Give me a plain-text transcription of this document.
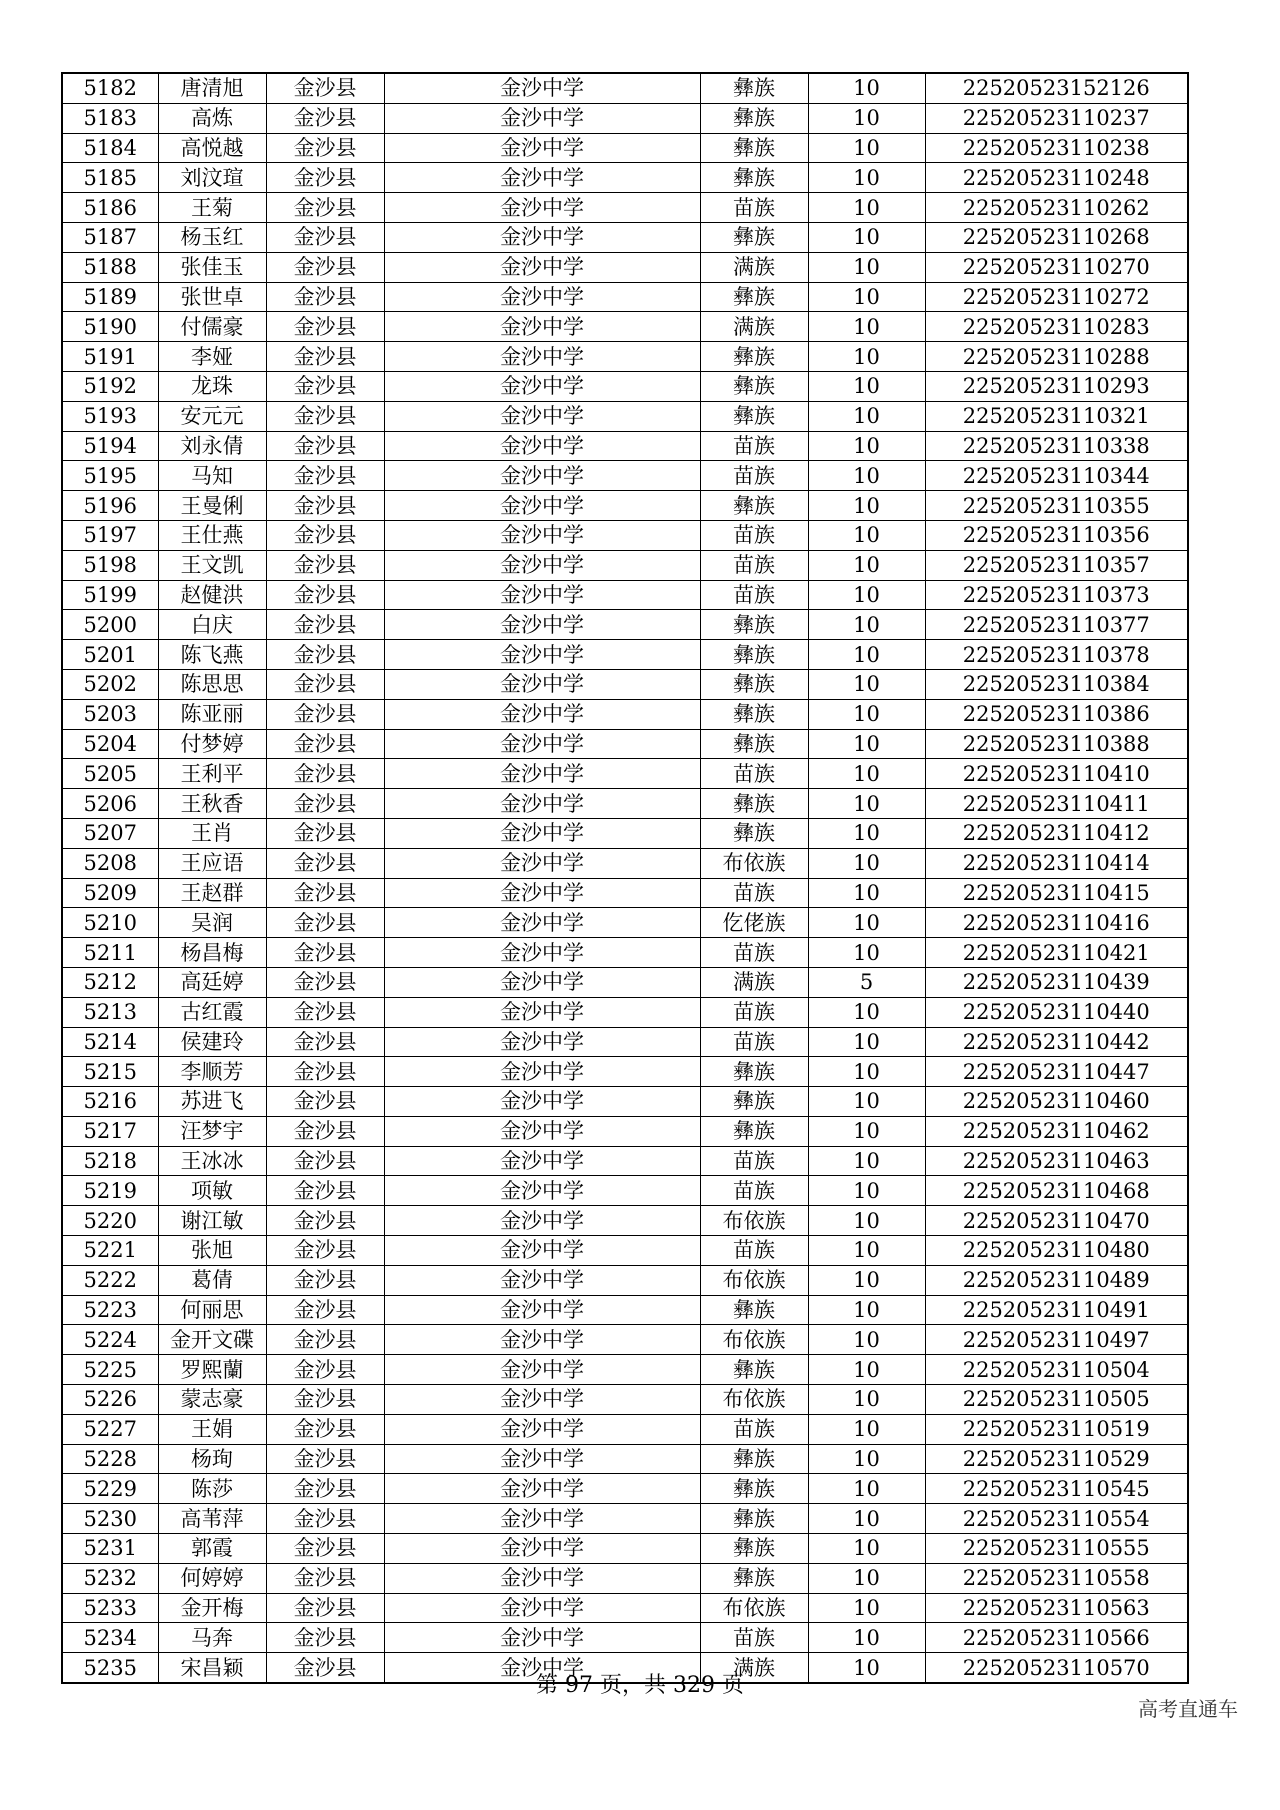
5182	唐清旭	金沙县	金沙中学	彝族	10	22520523152126
5183	高炼	金沙县	金沙中学	彝族	10	22520523110237
5184	高悦越	金沙县	金沙中学	彝族	10	22520523110238
5185	刘汶瑄	金沙县	金沙中学	彝族	10	22520523110248
5186	王菊	金沙县	金沙中学	苗族	10	22520523110262
5187	杨玉红	金沙县	金沙中学	彝族	10	22520523110268
5188	张佳玉	金沙县	金沙中学	满族	10	22520523110270
5189	张世卓	金沙县	金沙中学	彝族	10	22520523110272
5190	付儒豪	金沙县	金沙中学	满族	10	22520523110283
5191	李娅	金沙县	金沙中学	彝族	10	22520523110288
5192	龙珠	金沙县	金沙中学	彝族	10	22520523110293
5193	安元元	金沙县	金沙中学	彝族	10	22520523110321
5194	刘永倩	金沙县	金沙中学	苗族	10	22520523110338
5195	马知	金沙县	金沙中学	苗族	10	22520523110344
5196	王曼俐	金沙县	金沙中学	彝族	10	22520523110355
5197	王仕燕	金沙县	金沙中学	苗族	10	22520523110356
5198	王文凯	金沙县	金沙中学	苗族	10	22520523110357
5199	赵健洪	金沙县	金沙中学	苗族	10	22520523110373
5200	白庆	金沙县	金沙中学	彝族	10	22520523110377
5201	陈飞燕	金沙县	金沙中学	彝族	10	22520523110378
5202	陈思思	金沙县	金沙中学	彝族	10	22520523110384
5203	陈亚丽	金沙县	金沙中学	彝族	10	22520523110386
5204	付梦婷	金沙县	金沙中学	彝族	10	22520523110388
5205	王利平	金沙县	金沙中学	苗族	10	22520523110410
5206	王秋香	金沙县	金沙中学	彝族	10	22520523110411
5207	王肖	金沙县	金沙中学	彝族	10	22520523110412
5208	王应语	金沙县	金沙中学	布依族	10	22520523110414
5209	王赵群	金沙县	金沙中学	苗族	10	22520523110415
5210	吴润	金沙县	金沙中学	仡佬族	10	22520523110416
5211	杨昌梅	金沙县	金沙中学	苗族	10	22520523110421
5212	高廷婷	金沙县	金沙中学	满族	5	22520523110439
5213	古红霞	金沙县	金沙中学	苗族	10	22520523110440
5214	侯建玲	金沙县	金沙中学	苗族	10	22520523110442
5215	李顺芳	金沙县	金沙中学	彝族	10	22520523110447
5216	苏进飞	金沙县	金沙中学	彝族	10	22520523110460
5217	汪梦宇	金沙县	金沙中学	彝族	10	22520523110462
5218	王冰冰	金沙县	金沙中学	苗族	10	22520523110463
5219	项敏	金沙县	金沙中学	苗族	10	22520523110468
5220	谢江敏	金沙县	金沙中学	布依族	10	22520523110470
5221	张旭	金沙县	金沙中学	苗族	10	22520523110480
5222	葛倩	金沙县	金沙中学	布依族	10	22520523110489
5223	何丽思	金沙县	金沙中学	彝族	10	22520523110491
5224	金开文碟	金沙县	金沙中学	布依族	10	22520523110497
5225	罗熙蘭	金沙县	金沙中学	彝族	10	22520523110504
5226	蒙志豪	金沙县	金沙中学	布依族	10	22520523110505
5227	王娟	金沙县	金沙中学	苗族	10	22520523110519
5228	杨珣	金沙县	金沙中学	彝族	10	22520523110529
5229	陈莎	金沙县	金沙中学	彝族	10	22520523110545
5230	高苇萍	金沙县	金沙中学	彝族	10	22520523110554
5231	郭霞	金沙县	金沙中学	彝族	10	22520523110555
5232	何婷婷	金沙县	金沙中学	彝族	10	22520523110558
5233	金开梅	金沙县	金沙中学	布依族	10	22520523110563
5234	马奔	金沙县	金沙中学	苗族	10	22520523110566
5235	宋昌颖	金沙县	金沙中学	满族	10	22520523110570
第 97 页，共 329 页
高考直通车
